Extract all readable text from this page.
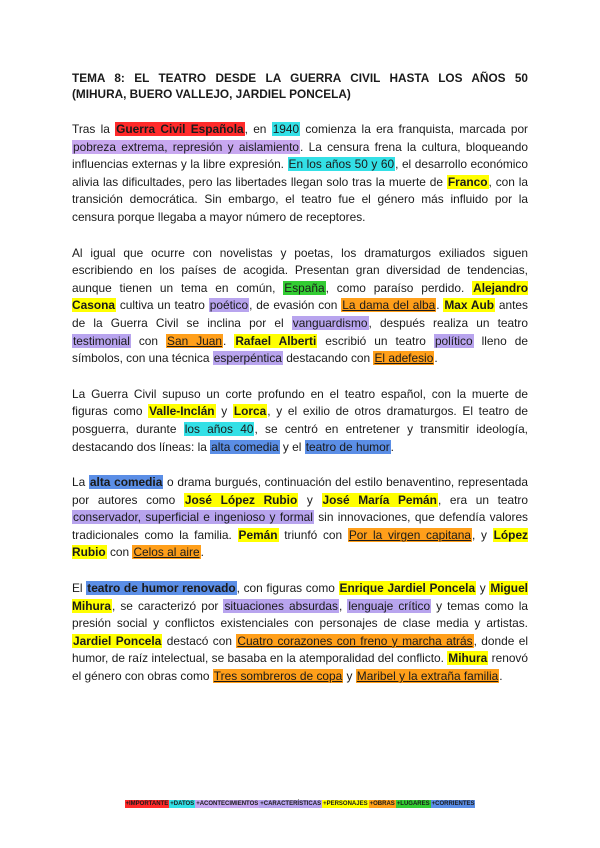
TEMA 8: EL TEATRO DESDE LA GUERRA CIVIL HASTA LOS AÑOS 50
(MIHURA, BUERO VALLEJO, JARDIEL PONCELA)

Tras la Guerra Civil Española, en 1940 comienza la era franquista, marcada por pobreza extrema, represión y aislamiento. La censura frena la cultura, bloqueando influencias externas y la libre expresión. En los años 50 y 60, el desarrollo económico alivia las dificultades, pero las libertades llegan solo tras la muerte de Franco, con la transición democrática. Sin embargo, el teatro fue el género más influido por la censura porque llegaba a mayor número de receptores.

Al igual que ocurre con novelistas y poetas, los dramaturgos exiliados siguen escribiendo en los países de acogida. Presentan gran diversidad de tendencias, aunque tienen un tema en común, España, como paraíso perdido. Alejandro Casona cultiva un teatro poético, de evasión con La dama del alba. Max Aub antes de la Guerra Civil se inclina por el vanguardismo, después realiza un teatro testimonial con San Juan. Rafael Alberti escribió un teatro político lleno de símbolos, con una técnica esperpéntica destacando con El adefesio.

La Guerra Civil supuso un corte profundo en el teatro español, con la muerte de figuras como Valle-Inclán y Lorca, y el exilio de otros dramaturgos. El teatro de posguerra, durante los años 40, se centró en entretener y transmitir ideología, destacando dos líneas: la alta comedia y el teatro de humor.

La alta comedia o drama burgués, continuación del estilo benaventino, representada por autores como José López Rubio y José María Pemán, era un teatro conservador, superficial e ingenioso y formal sin innovaciones, que defendía valores tradicionales como la familia. Pemán triunfó con Por la virgen capitana, y López Rubio con Celos al aire.

El teatro de humor renovado, con figuras como Enrique Jardiel Poncela y Miguel Mihura, se caracterizó por situaciones absurdas, lenguaje crítico y temas como la presión social y conflictos existenciales con personajes de clase media y artistas. Jardiel Poncela destacó con Cuatro corazones con freno y marcha atrás, donde el humor, de raíz intelectual, se basaba en la atemporalidad del conflicto. Mihura renovó el género con obras como Tres sombreros de copa y Maribel y la extraña familia.

+IMPORTANTE +DATOS +ACONTECIMIENTOS +CARACTERÍSTICAS +PERSONAJES +OBRAS +LUGARES +CORRIENTES
